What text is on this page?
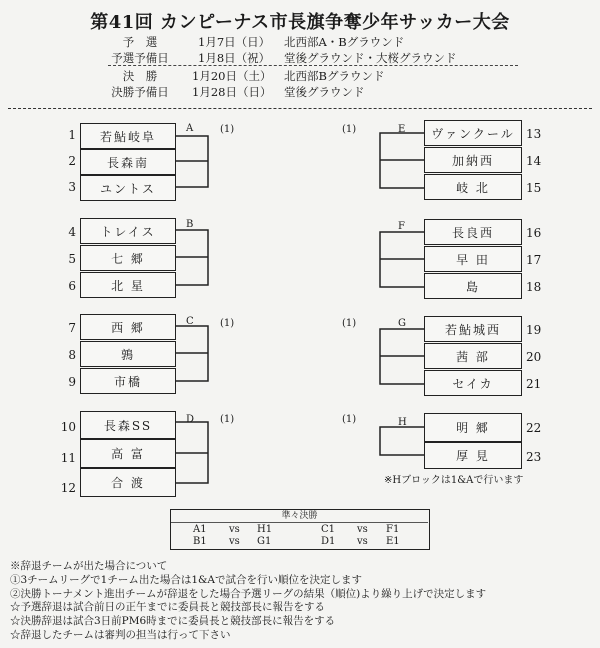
第41回 カンピーナス市長旗争奪少年サッカー大会
予　選	1月7日（日） 北西部A・Bグラウンド
予選予備日	1月8日（祝） 堂後グラウンド・大桜グラウンド
決　勝	1月20日（土） 北西部Bグラウンド
決勝予備日	1月28日（日） 堂後グラウンド
A	(1)
1	若鮎岐阜
2	長森南
3	ユントス
B
4	トレイス
5	七 郷
6	北 星
C	(1)
7	西 郷
8	鶉
9	市橋
D	(1)
10	長森SS
11	高 富
12	合 渡
(1)	E	ヴァンクール 13
加納西	14
岐 北	15
F	長良西	16
早 田	17
島	18
(1)	G	若鮎城西	19
茜 部	20
セイカ	21
(1)	H	明 郷	22
厚 見	23
※Hブロックは1&Aで行います
準々決勝
A1 vs H1	C1 vs F1
B1 vs G1	D1 vs E1
※辞退チームが出た場合について
①3チームリーグで1チーム出た場合は1&Aで試合を行い順位を決定します
②決勝トーナメント進出チームが辞退をした場合予選リーグの結果（順位)より繰り上げで決定します
☆予選辞退は試合前日の正午までに委員長と競技部長に報告をする
☆決勝辞退は試合3日前PM6時までに委員長と競技部長に報告をする
☆辞退したチームは審判の担当は行って下さい
